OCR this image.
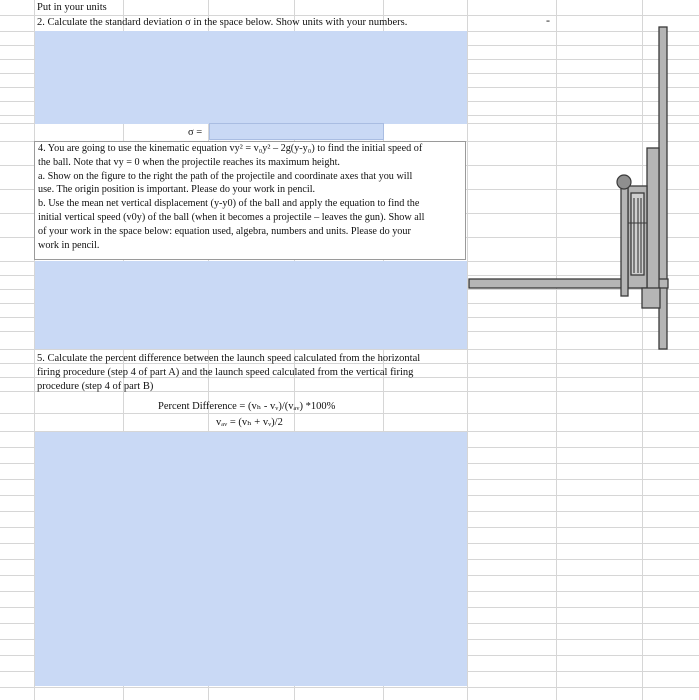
Put in your units
2. Calculate the standard deviation σ in the space below. Show units with your numbers.	-
σ =

4. You are going to use the kinematic equation vy² = v₀y² – 2g(y-y₀) to find the initial speed of

the ball. Note that vy = 0 when the projectile reaches its maximum height.

a. Show on the figure to the right the path of the projectile and coordinate axes that you will

use. The origin position is important. Please do your work in pencil.

b. Use the mean net vertical displacement (y-y0) of the ball and apply the equation to find the

initial vertical speed (v0y) of the ball (when it becomes a projectile – leaves the gun). Show all

of your work in the space below: equation used, algebra, numbers and units. Please do your

work in pencil.

5. Calculate the percent difference between the launch speed calculated from the horizontal
firing procedure (step 4 of part A) and the launch speed calculated from the vertical firing
procedure (step 4 of part B)
Percent Difference = (vₕ - vᵥ)/(vₐᵥ) *100%
vₐᵥ = (vₕ + vᵥ)/2
